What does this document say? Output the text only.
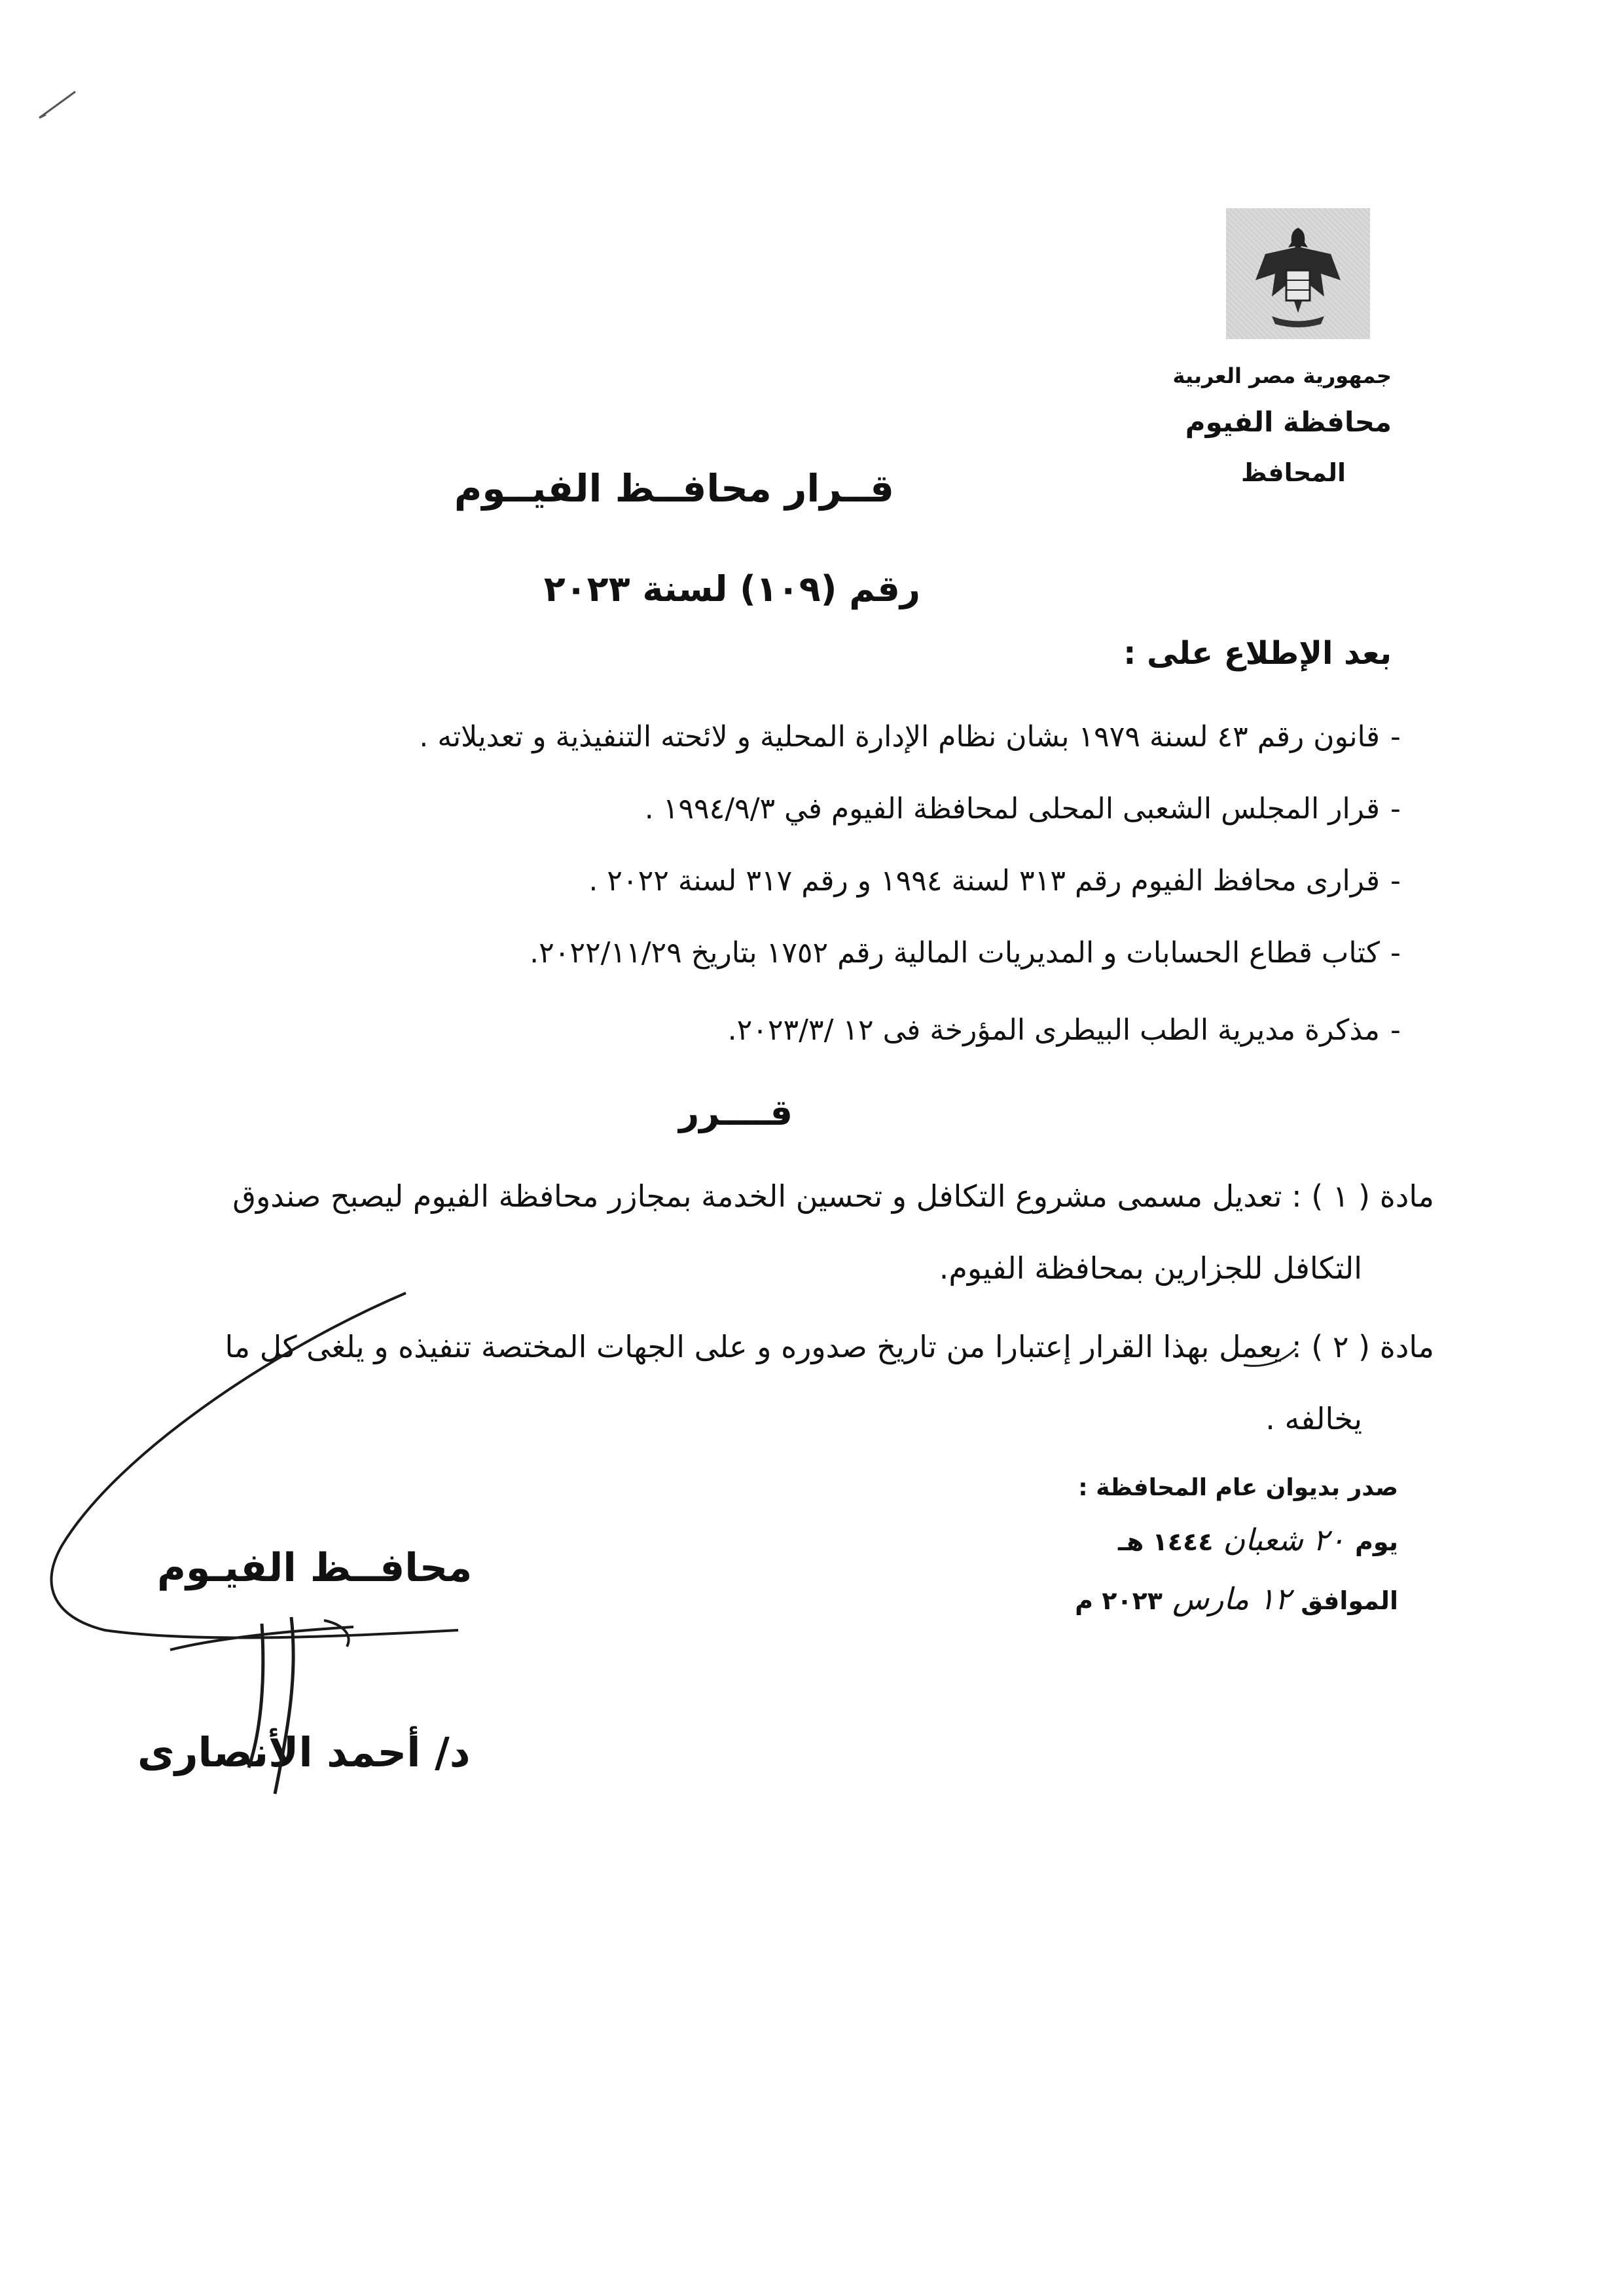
جمهورية مصر العربية
محافظة الفيوم
المحافظ
قــرار محافــظ الفيــوم
رقم (١٠٩) لسنة ٢٠٢٣
بعد الإطلاع على :
-قانون رقم ٤٣ لسنة ١٩٧٩ بشان نظام الإدارة المحلية و لائحته التنفيذية و تعديلاته .
-قرار المجلس الشعبى المحلى لمحافظة الفيوم في ١٩٩٤/٩/٣ .
-قرارى محافظ الفيوم رقم ٣١٣ لسنة ١٩٩٤ و رقم ٣١٧ لسنة ٢٠٢٢ .
-كتاب قطاع الحسابات و المديريات المالية رقم ١٧٥٢ بتاريخ ٢٠٢٢/١١/٢٩.
-مذكرة مديرية الطب البيطرى المؤرخة فى ١٢ /٢٠٢٣/٣.
قــــرر
مادة ( ١ ) : تعديل مسمى مشروع التكافل و تحسين الخدمة بمجازر محافظة الفيوم ليصبح صندوق
التكافل للجزارين بمحافظة الفيوم.
مادة ( ٢ ) : يعمل بهذا القرار إعتبارا من تاريخ صدوره و على الجهات المختصة تنفيذه و يلغى كل ما
يخالفه .
صدر بديوان عام المحافظة :
يوم ٢٠ شعبان ١٤٤٤ هـ
الموافق ١٢ مارس ٢٠٢٣ م
محافــظ الفيـوم
د/ أحمد الأنصارى
